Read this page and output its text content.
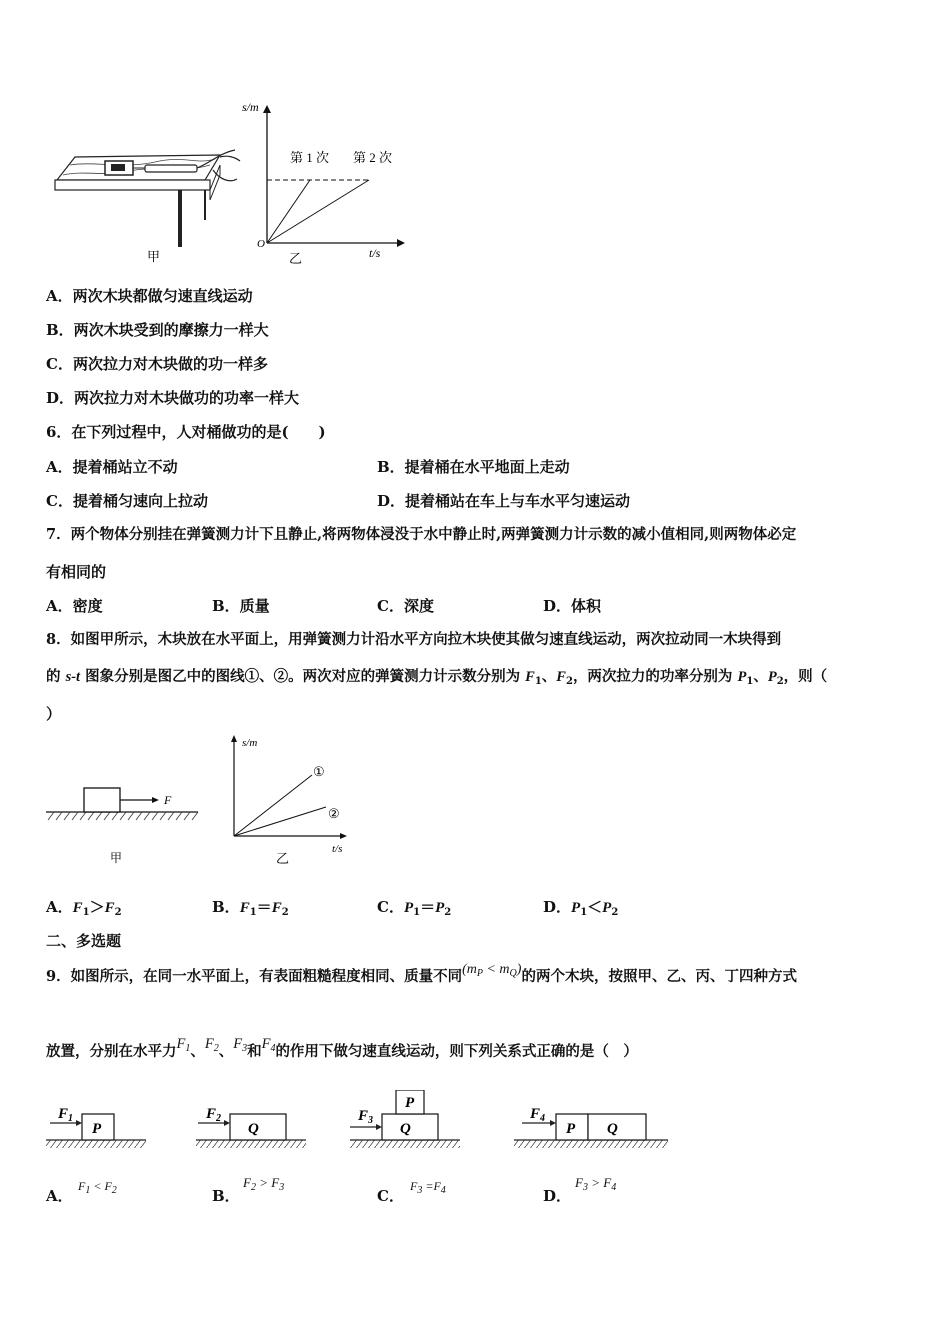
甲
s/m
t/s
O
第 1 次 第 2 次
乙
A．两次木块都做匀速直线运动
B．两次木块受到的摩擦力一样大
C．两次拉力对木块做的功一样多
D．两次拉力对木块做功的功率一样大
6．在下列过程中，人对桶做功的是(　　)
A．提着桶站立不动	B．提着桶在水平地面上走动
C．提着桶匀速向上拉动	D．提着桶站在车上与车水平匀速运动
7．两个物体分别挂在弹簧测力计下且静止,将两物体浸没于水中静止时,两弹簧测力计示数的减小值相同,则两物体必定
有相同的
A．密度	B．质量	C．深度	D．体积
8．如图甲所示，木块放在水平面上，用弹簧测力计沿水平方向拉木块使其做匀速直线运动，两次拉动同一木块得到
的 s-t 图象分别是图乙中的图线①、②。两次对应的弹簧测力计示数分别为 $F_1$、$F_2$，两次拉力的功率分别为 $P_1$、$P_2$，则（
）
F
甲
s/m
t/s
①
②
乙
A．$F_1>F_2$	B．$F_1=F_2$	C．$P_1=P_2$	D．$P_1<P_2$
二、多选题
9．如图所示，在同一水平面上，有表面粗糙程度相同、质量不同$(m_P < m_Q)$的两个木块，按照甲、乙、丙、丁四种方式
放置，分别在水平力$F_1$、$F_2$、$F_3$和$F_4$的作用下做匀速直线运动，则下列关系式正确的是（　）
P
$F_1$
Q
$F_2$
Q
P
$F_3$
P Q
$F_4$
A．
$F_1 < F_2$	B．
$F_2 > F_3$	C．
$F_3 =F_4$	D．
$F_3 > F_4$
